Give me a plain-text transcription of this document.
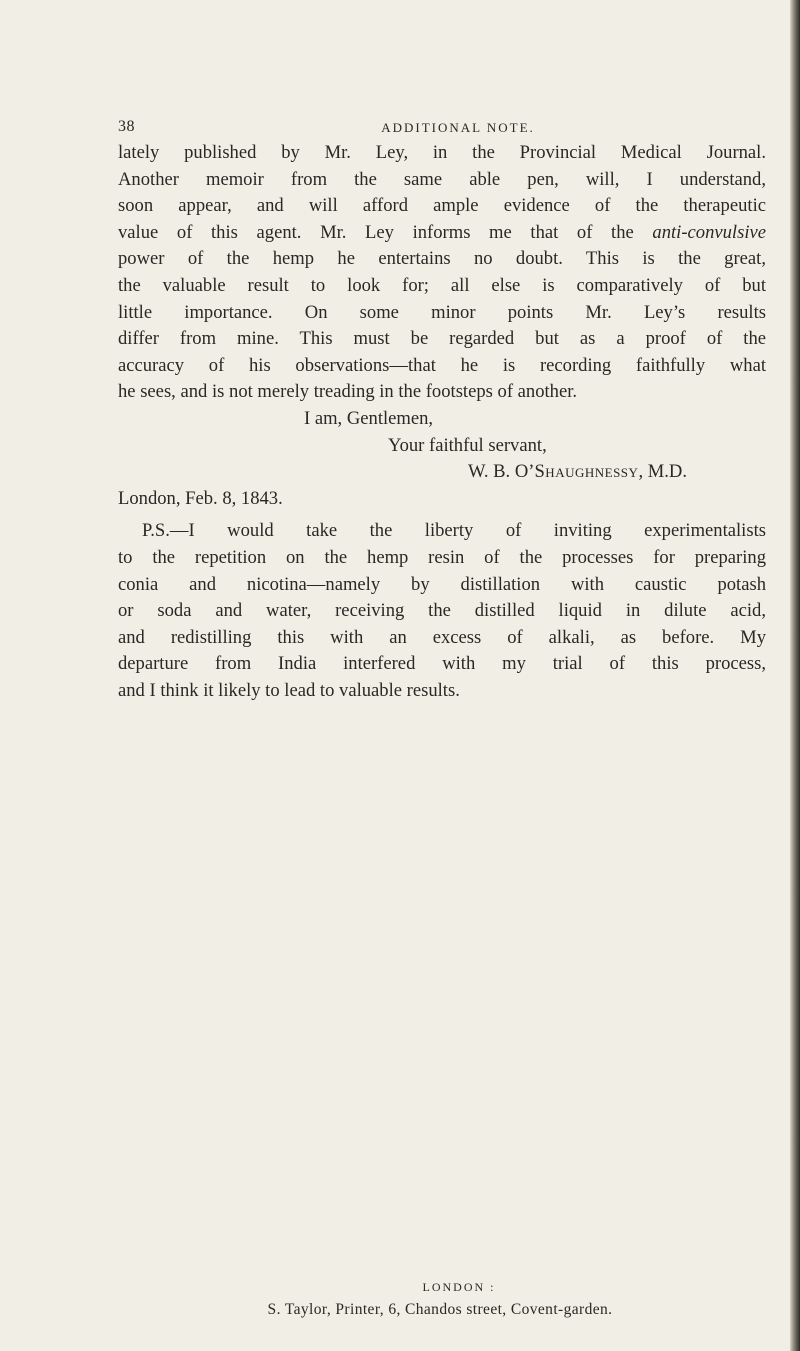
38	ADDITIONAL NOTE.
lately published by Mr. Ley, in the Provincial Medical Journal.
Another memoir from the same able pen, will, I understand,
soon appear, and will afford ample evidence of the therapeutic
value of this agent. Mr. Ley informs me that of the anti-convulsive
power of the hemp he entertains no doubt. This is the great,
the valuable result to look for; all else is comparatively of but
little importance. On some minor points Mr. Ley’s results
differ from mine. This must be regarded but as a proof of the
accuracy of his observations—that he is recording faithfully what
he sees, and is not merely treading in the footsteps of another.
I am, Gentlemen,
Your faithful servant,
W. B. O’Shaughnessy, M.D.
London, Feb. 8, 1843.
P.S.—I would take the liberty of inviting experimentalists
to the repetition on the hemp resin of the processes for preparing
conia and nicotina—namely by distillation with caustic potash
or soda and water, receiving the distilled liquid in dilute acid,
and redistilling this with an excess of alkali, as before. My
departure from India interfered with my trial of this process,
and I think it likely to lead to valuable results.
LONDON :
S. Taylor, Printer, 6, Chandos street, Covent-garden.
